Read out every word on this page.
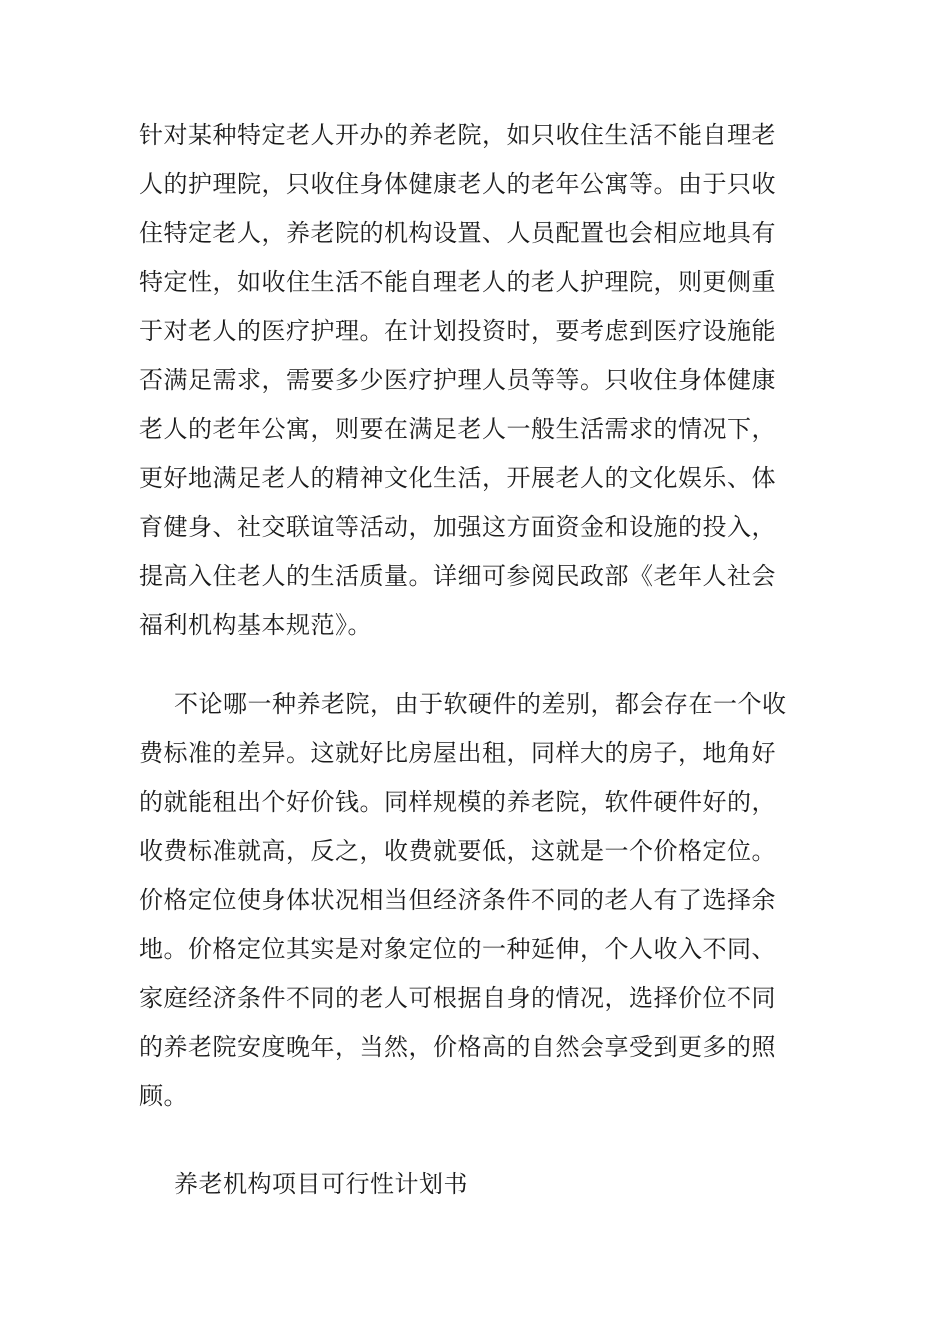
针对某种特定老人开办的养老院，如只收住生活不能自理老
人的护理院，只收住身体健康老人的老年公寓等。由于只收
住特定老人，养老院的机构设置、人员配置也会相应地具有
特定性，如收住生活不能自理老人的老人护理院，则更侧重
于对老人的医疗护理。在计划投资时，要考虑到医疗设施能
否满足需求，需要多少医疗护理人员等等。只收住身体健康
老人的老年公寓，则要在满足老人一般生活需求的情况下，
更好地满足老人的精神文化生活，开展老人的文化娱乐、体
育健身、社交联谊等活动，加强这方面资金和设施的投入，
提高入住老人的生活质量。详细可参阅民政部《老年人社会
福利机构基本规范》。
不论哪一种养老院，由于软硬件的差别，都会存在一个收
费标准的差异。这就好比房屋出租，同样大的房子，地角好
的就能租出个好价钱。同样规模的养老院，软件硬件好的，
收费标准就高，反之，收费就要低，这就是一个价格定位。
价格定位使身体状况相当但经济条件不同的老人有了选择余
地。价格定位其实是对象定位的一种延伸，个人收入不同、
家庭经济条件不同的老人可根据自身的情况，选择价位不同
的养老院安度晚年，当然，价格高的自然会享受到更多的照
顾。
养老机构项目可行性计划书
